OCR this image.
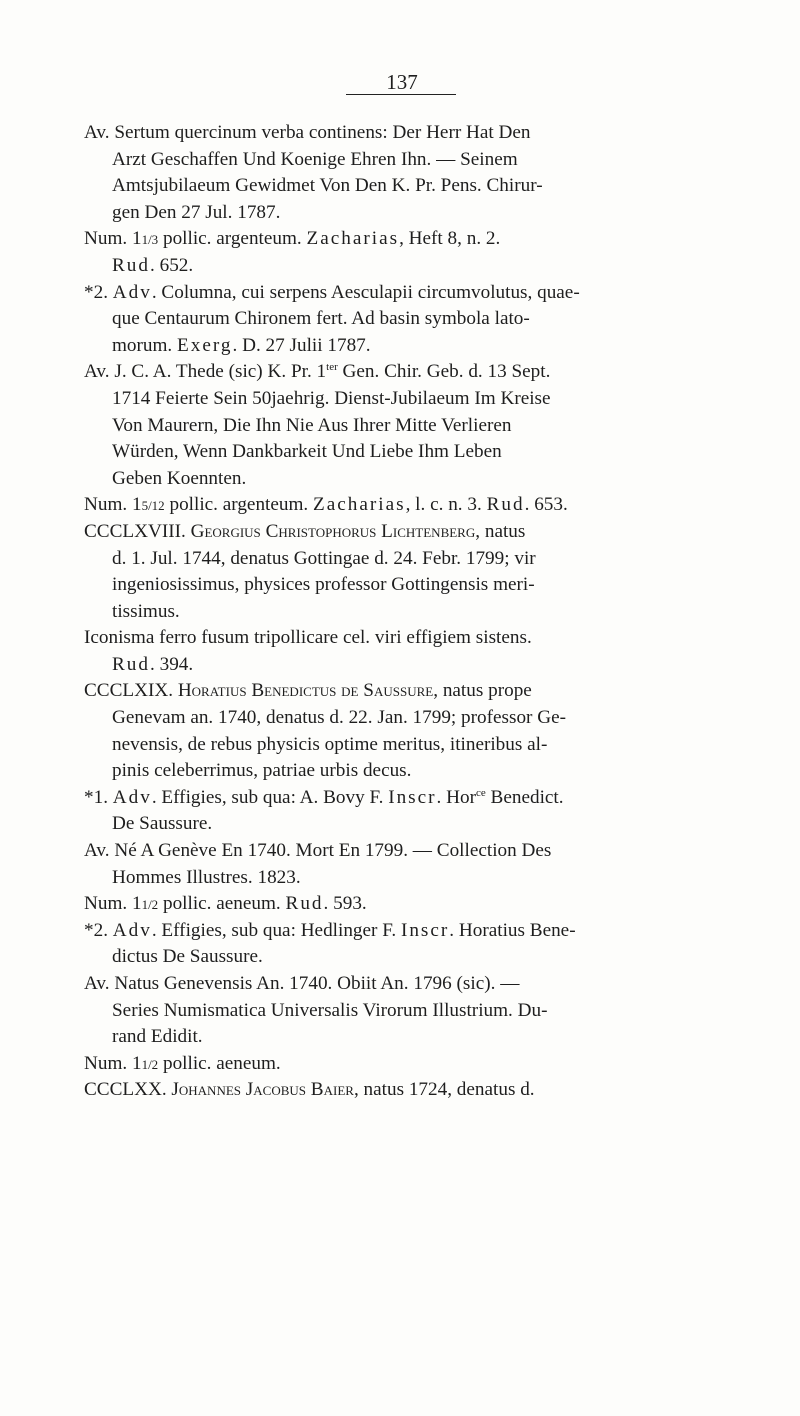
137
Av. Sertum quercinum verba continens: Der Herr Hat Den
Arzt Geschaffen Und Koenige Ehren Ihn. — Seinem
Amtsjubilaeum Gewidmet Von Den K. Pr. Pens. Chirur-
gen Den 27 Jul. 1787.
Num. 11/3 pollic. argenteum. Zacharias, Heft 8, n. 2.
Rud. 652.
*2. Adv. Columna, cui serpens Aesculapii circumvolutus, quae-
que Centaurum Chironem fert. Ad basin symbola lato-
morum. Exerg. D. 27 Julii 1787.
Av. J. C. A. Thede (sic) K. Pr. $1^{ter}$ Gen. Chir. Geb. d. 13 Sept.
1714 Feierte Sein 50jaehrig. Dienst-Jubilaeum Im Kreise
Von Maurern, Die Ihn Nie Aus Ihrer Mitte Verlieren
Würden, Wenn Dankbarkeit Und Liebe Ihm Leben
Geben Koennten.
Num. 15/12 pollic. argenteum. Zacharias, l. c. n. 3. Rud. 653.
CCCLXVIII. Georgius Christophorus Lichtenberg, natus
d. 1. Jul. 1744, denatus Gottingae d. 24. Febr. 1799; vir
ingeniosissimus, physices professor Gottingensis meri-
tissimus.
Iconisma ferro fusum tripollicare cel. viri effigiem sistens.
Rud. 394.
CCCLXIX. Horatius Benedictus de Saussure, natus prope
Genevam an. 1740, denatus d. 22. Jan. 1799; professor Ge-
nevensis, de rebus physicis optime meritus, itineribus al-
pinis celeberrimus, patriae urbis decus.
*1. Adv. Effigies, sub qua: A. Bovy F. Inscr. Hor$^{ce}$ Benedict.
De Saussure.
Av. Né A Genève En 1740. Mort En 1799. — Collection Des
Hommes Illustres. 1823.
Num. 11/2 pollic. aeneum. Rud. 593.
*2. Adv. Effigies, sub qua: Hedlinger F. Inscr. Horatius Bene-
dictus De Saussure.
Av. Natus Genevensis An. 1740. Obiit An. 1796 (sic). —
Series Numismatica Universalis Virorum Illustrium. Du-
rand Edidit.
Num. 11/2 pollic. aeneum.
CCCLXX. Johannes Jacobus Baier, natus 1724, denatus d.
